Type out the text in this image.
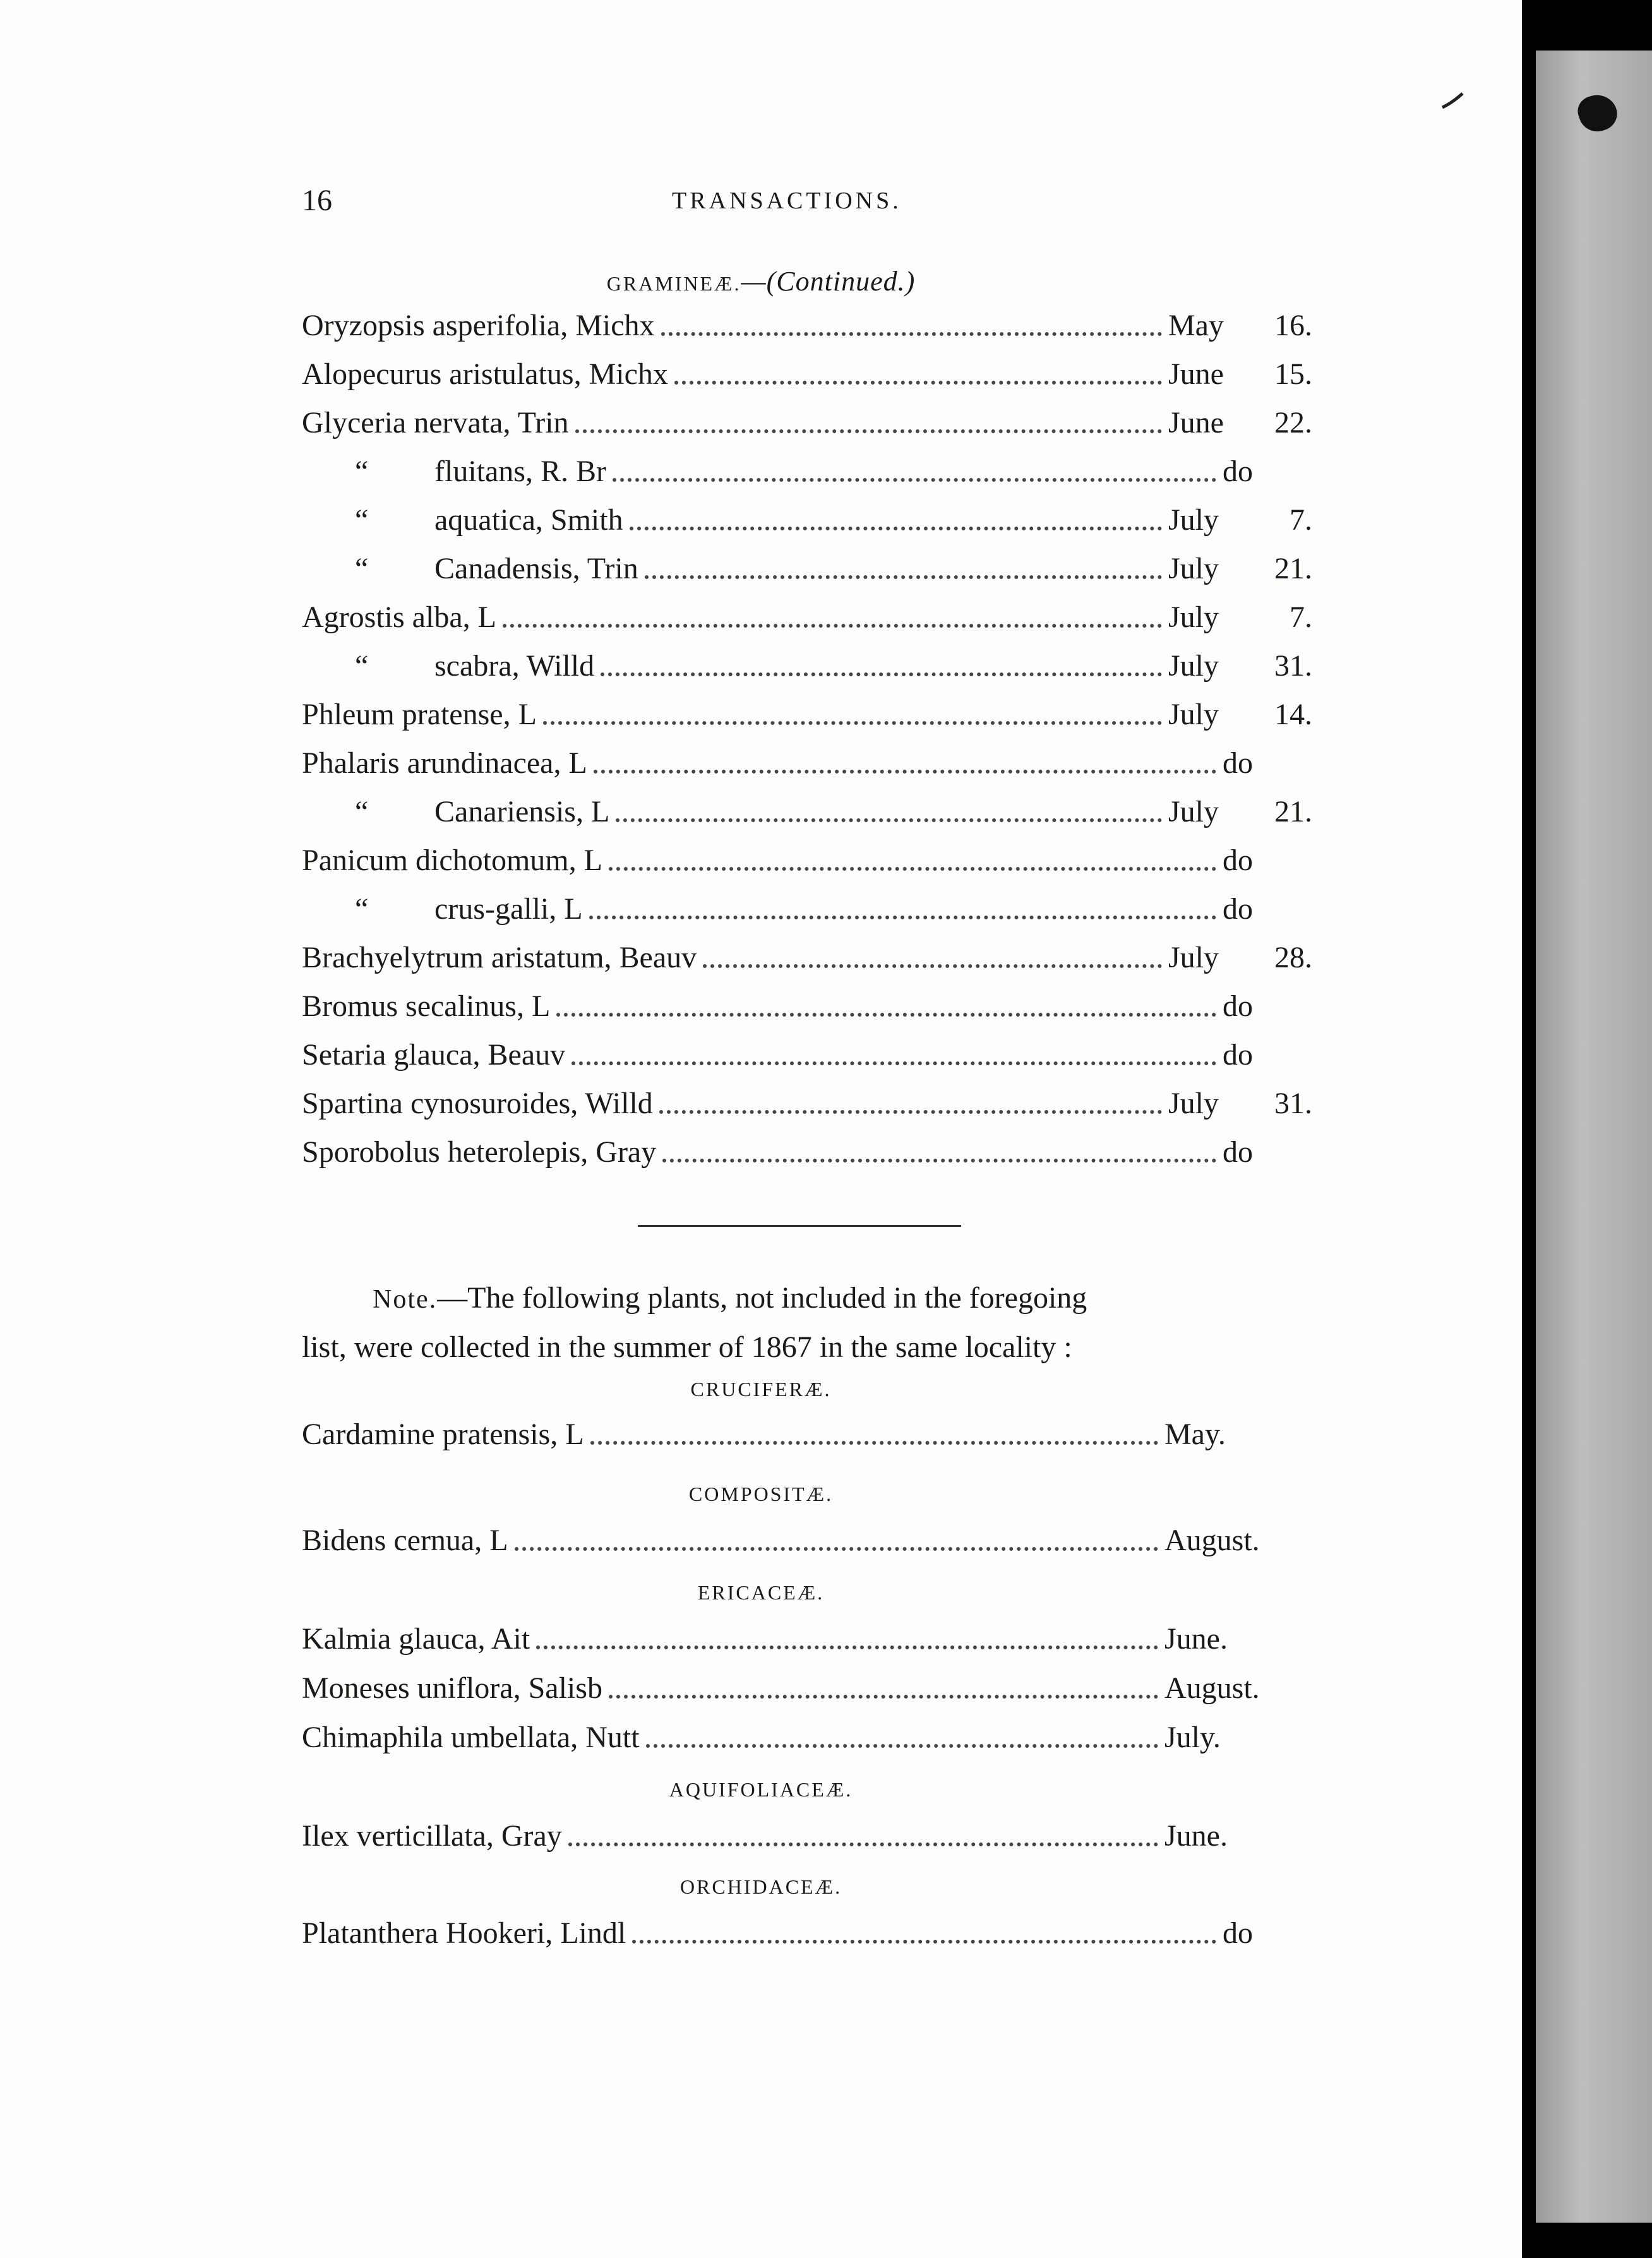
16	TRANSACTIONS.
GRAMINEÆ.—(Continued.)
Oryzopsis asperifolia, Michx	May 16.
Alopecurus aristulatus, Michx	June 15.
Glyceria nervata, Trin	June 22.
“ fluitans, R. Br	do
“ aquatica, Smith	July 7.
“ Canadensis, Trin	July 21.
Agrostis alba, L	July 7.
“ scabra, Willd	July 31.
Phleum pratense, L	July 14.
Phalaris arundinacea, L	do
“ Canariensis, L	July 21.
Panicum dichotomum, L	do
“ crus-galli, L	do
Brachyelytrum aristatum, Beauv	July 28.
Bromus secalinus, L	do
Setaria glauca, Beauv	do
Spartina cynosuroides, Willd	July 31.
Sporobolus heterolepis, Gray	do
Note.—The following plants, not included in the foregoing
list, were collected in the summer of 1867 in the same locality :
CRUCIFERÆ.
Cardamine pratensis, L	May.
COMPOSITÆ.
Bidens cernua, L	August.
ERICACEÆ.
Kalmia glauca, Ait	June.
Moneses uniflora, Salisb	August.
Chimaphila umbellata, Nutt	July.
AQUIFOLIACEÆ.
Ilex verticillata, Gray	June.
ORCHIDACEÆ.
Platanthera Hookeri, Lindl	do
